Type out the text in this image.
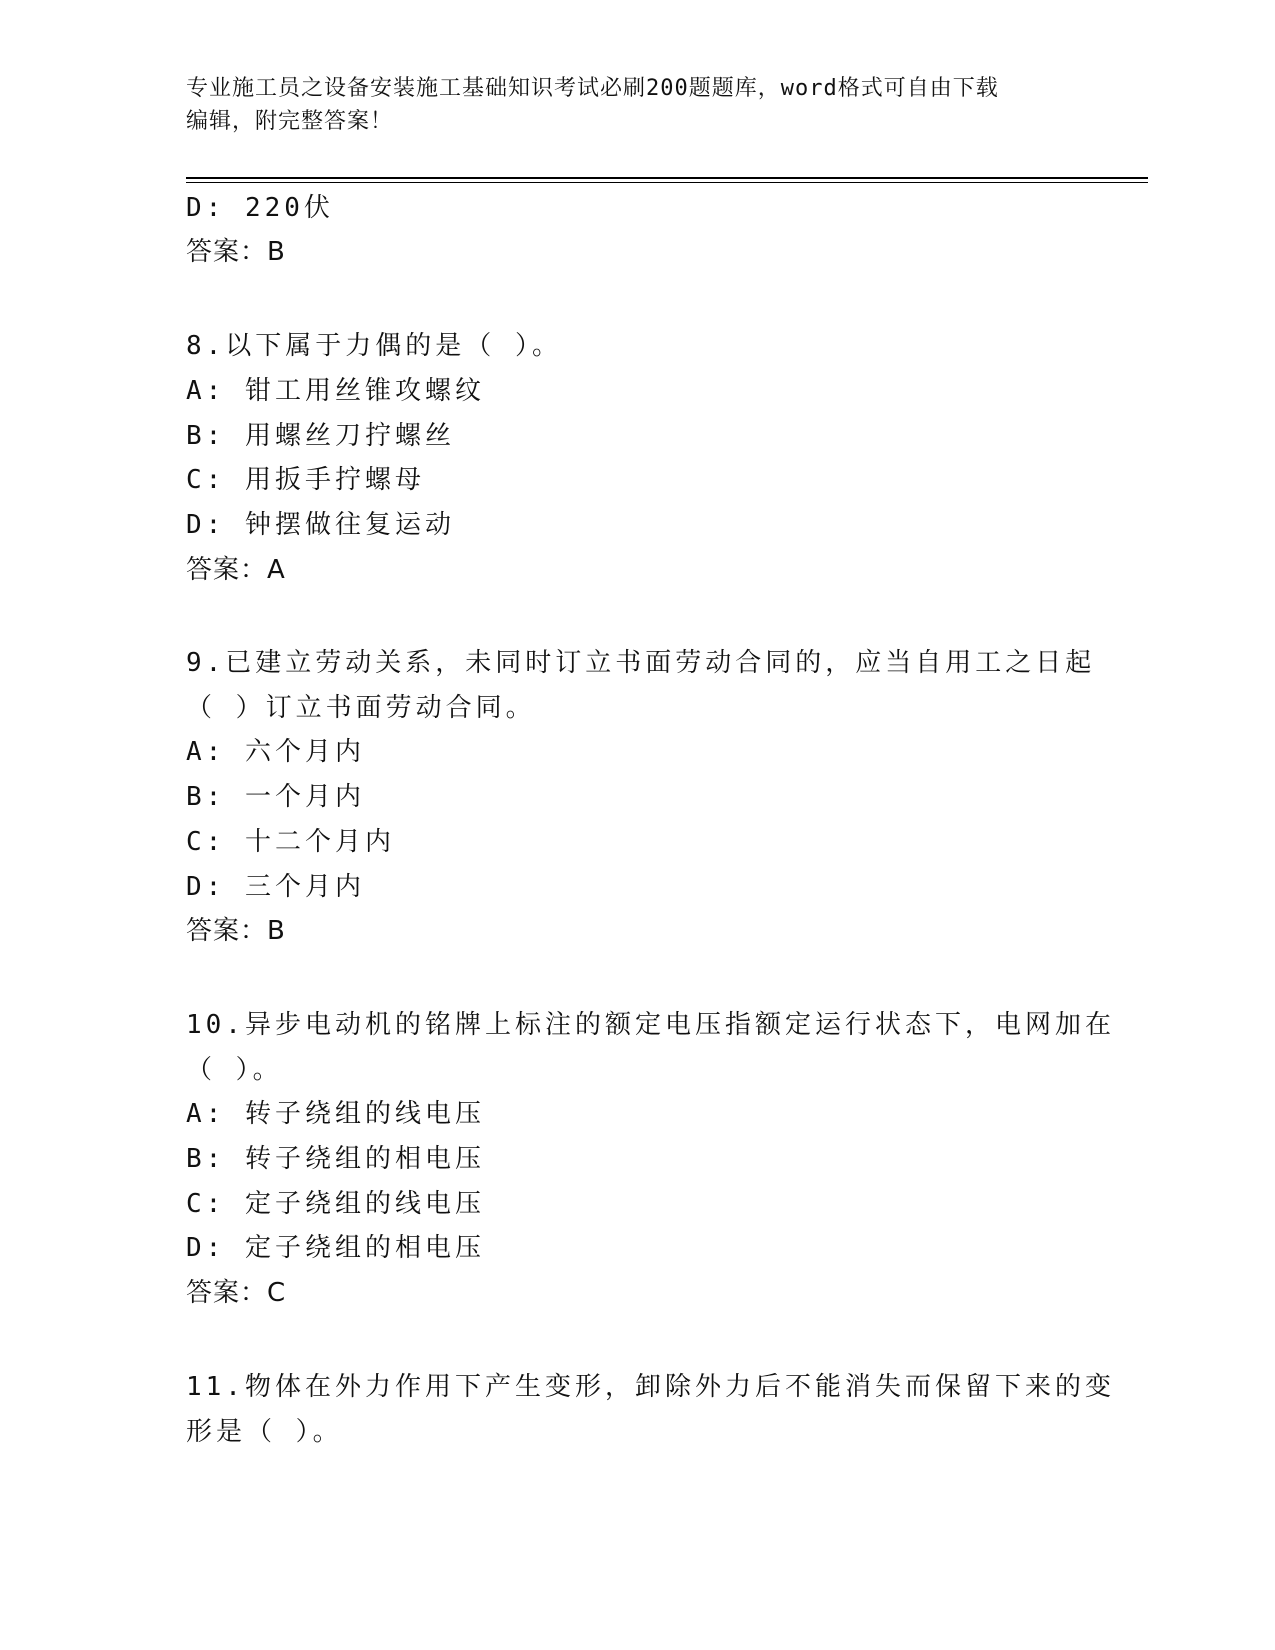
专业施工员之设备安装施工基础知识考试必刷200题题库，word格式可自由下载
编辑，附完整答案！
D: 220伏
答案：B
8.以下属于力偶的是（ ）。
A: 钳工用丝锥攻螺纹
B: 用螺丝刀拧螺丝
C: 用扳手拧螺母
D: 钟摆做往复运动
答案：A
9.已建立劳动关系，未同时订立书面劳动合同的，应当自用工之日起
（ ）订立书面劳动合同。
A: 六个月内
B: 一个月内
C: 十二个月内
D: 三个月内
答案：B
10.异步电动机的铭牌上标注的额定电压指额定运行状态下，电网加在
（ ）。
A: 转子绕组的线电压
B: 转子绕组的相电压
C: 定子绕组的线电压
D: 定子绕组的相电压
答案：C
11.物体在外力作用下产生变形，卸除外力后不能消失而保留下来的变
形是（ ）。
